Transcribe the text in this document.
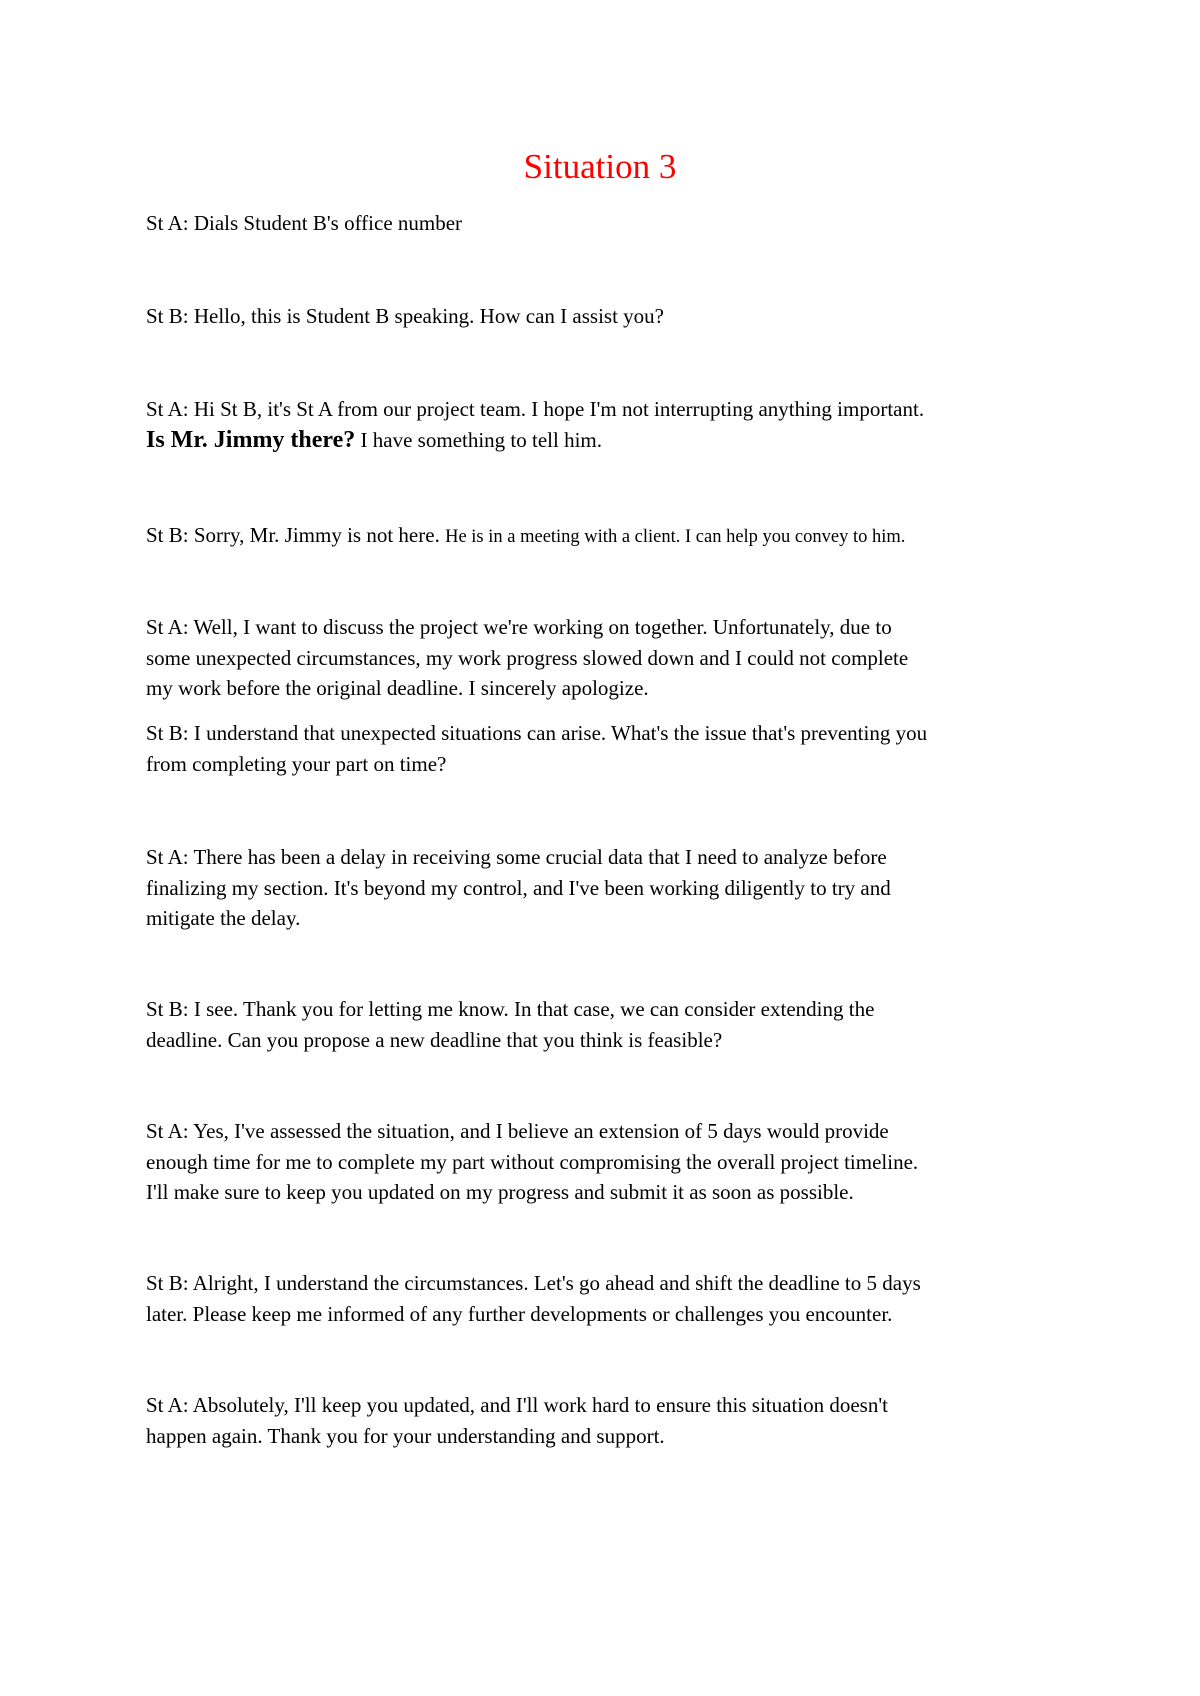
Situation 3
St A: Dials Student B's office number
St B: Hello, this is Student B speaking. How can I assist you?
St A: Hi St B, it's St A from our project team. I hope I'm not interrupting anything important.
Is Mr. Jimmy there? I have something to tell him.
St B: Sorry, Mr. Jimmy is not here. He is in a meeting with a client. I can help you convey to him.
St A: Well, I want to discuss the project we're working on together. Unfortunately, due to
some unexpected circumstances, my work progress slowed down and I could not complete
my work before the original deadline. I sincerely apologize.
St B: I understand that unexpected situations can arise. What's the issue that's preventing you
from completing your part on time?
St A: There has been a delay in receiving some crucial data that I need to analyze before
finalizing my section. It's beyond my control, and I've been working diligently to try and
mitigate the delay.
St B: I see. Thank you for letting me know. In that case, we can consider extending the
deadline. Can you propose a new deadline that you think is feasible?
St A: Yes, I've assessed the situation, and I believe an extension of 5 days would provide
enough time for me to complete my part without compromising the overall project timeline.
I'll make sure to keep you updated on my progress and submit it as soon as possible.
St B: Alright, I understand the circumstances. Let's go ahead and shift the deadline to 5 days
later. Please keep me informed of any further developments or challenges you encounter.
St A: Absolutely, I'll keep you updated, and I'll work hard to ensure this situation doesn't
happen again. Thank you for your understanding and support.
